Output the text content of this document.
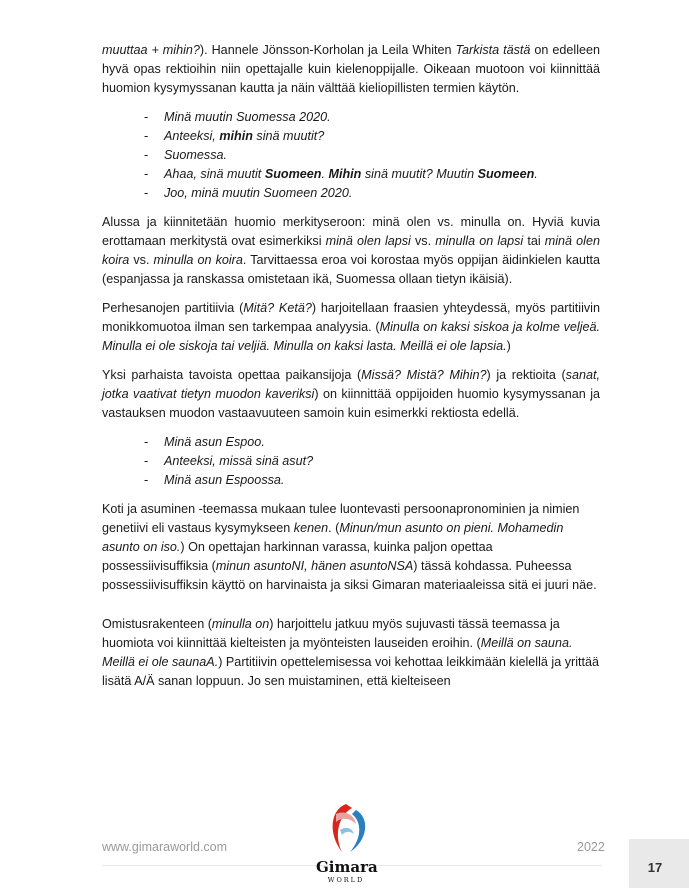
muuttaa + mihin?). Hannele Jönsson-Korholan ja Leila Whiten Tarkista tästä on edelleen hyvä opas rektioihin niin opettajalle kuin kielenoppijalle. Oikeaan muotoon voi kiinnittää huomion kysymyssanan kautta ja näin välttää kieliopillisten termien käytön.

- Minä muutin Suomessa 2020.
- Anteeksi, mihin sinä muutit?
- Suomessa.
- Ahaa, sinä muutit Suomeen. Mihin sinä muutit? Muutin Suomeen.
- Joo, minä muutin Suomeen 2020.

Alussa ja kiinnitetään huomio merkityseroon: minä olen vs. minulla on. Hyviä kuvia erottamaan merkitystä ovat esimerkiksi minä olen lapsi vs. minulla on lapsi tai minä olen koira vs. minulla on koira. Tarvittaessa eroa voi korostaa myös oppijan äidinkielen kautta (espanjassa ja ranskassa omistetaan ikä, Suomessa ollaan tietyn ikäisiä).

Perhesanojen partitiivia (Mitä? Ketä?) harjoitellaan fraasien yhteydessä, myös partitiivin monikkomuotoa ilman sen tarkempaa analyysia. (Minulla on kaksi siskoa ja kolme veljeä. Minulla ei ole siskoja tai veljiä. Minulla on kaksi lasta. Meillä ei ole lapsia.)

Yksi parhaista tavoista opettaa paikansijoja (Missä? Mistä? Mihin?) ja rektioita (sanat, jotka vaativat tietyn muodon kaveriksi) on kiinnittää oppijoiden huomio kysymyssanan ja vastauksen muodon vastaavuuteen samoin kuin esimerkki rektiosta edellä.

- Minä asun Espoo.
- Anteeksi, missä sinä asut?
- Minä asun Espoossa.

Koti ja asuminen -teemassa mukaan tulee luontevasti persoonapronominien ja nimien genetiivi eli vastaus kysymykseen kenen. (Minun/mun asunto on pieni. Mohamedin asunto on iso.) On opettajan harkinnan varassa, kuinka paljon opettaa possessiivisuffiksia (minun asuntoNI, hänen asuntoNSA) tässä kohdassa. Puheessa possessiivisuffiksin käyttö on harvinaista ja siksi Gimaran materiaaleissa sitä ei juuri näe.

Omistusrakenteen (minulla on) harjoittelu jatkuu myös sujuvasti tässä teemassa ja huomiota voi kiinnittää kielteisten ja myönteisten lauseiden eroihin. (Meillä on sauna. Meillä ei ole saunaA.) Partitiivin opettelemisessa voi kehottaa leikkimään kielellä ja yrittää lisätä A/Ä sanan loppuun. Jo sen muistaminen, että kielteiseen

www.gimaraworld.com	2022
Gimara
WORLD
17
